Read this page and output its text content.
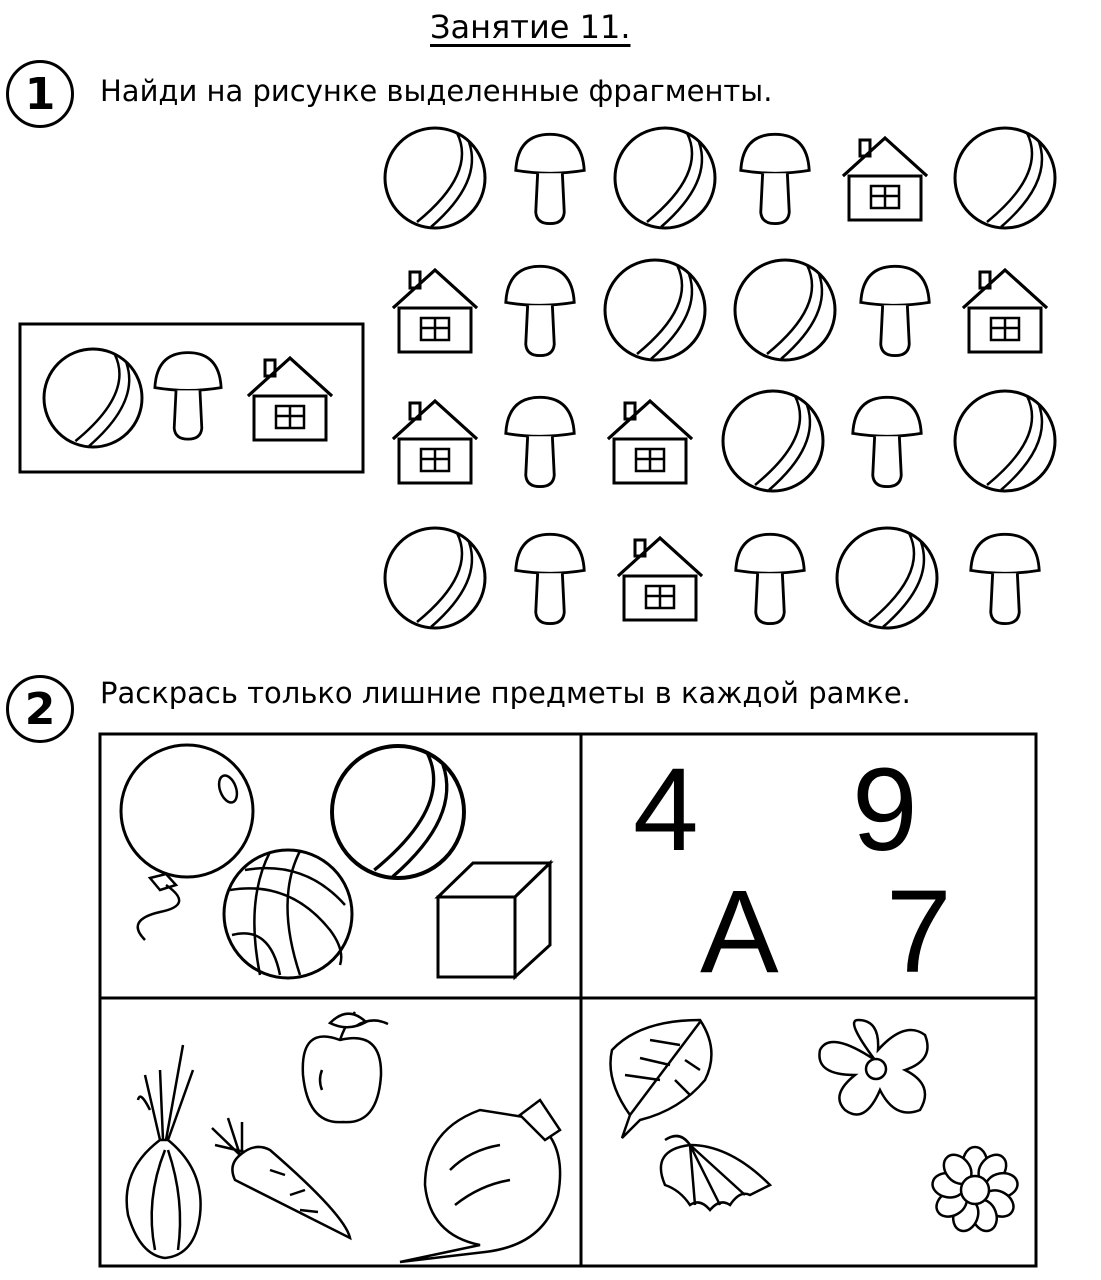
Занятие 11.
1	Найди на рисунке выделенные фрагменты.
2	Раскрась только лишние предметы в каждой рамке.
4 9
А 7
